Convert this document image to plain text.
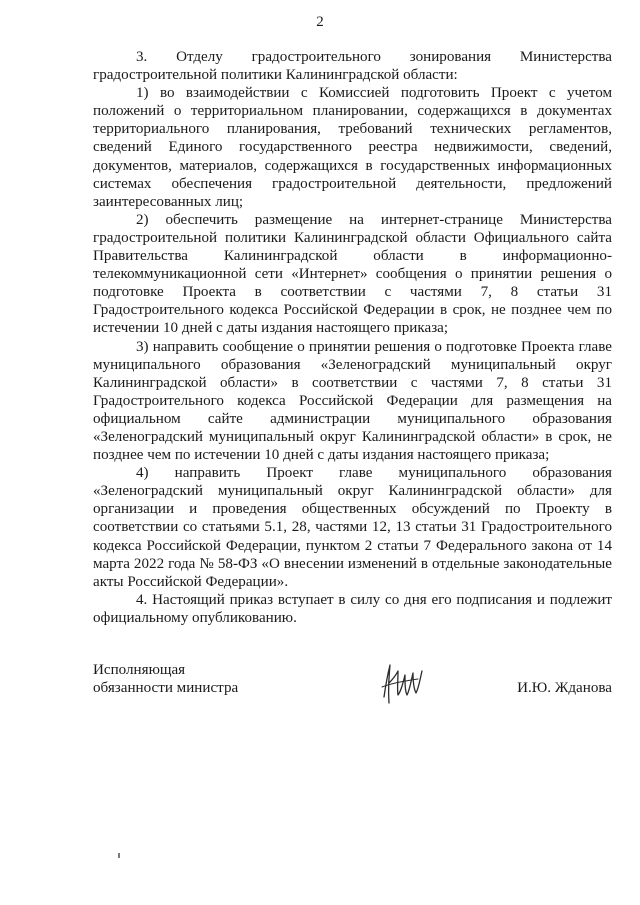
2

3. Отделу градостроительного зонирования Министерства градостроительной политики Калининградской области:

1) во взаимодействии с Комиссией подготовить Проект с учетом положений о территориальном планировании, содержащихся в документах территориального планирования, требований технических регламентов, сведений Единого государственного реестра недвижимости, сведений, документов, материалов, содержащихся в государственных информационных системах обеспечения градостроительной деятельности, предложений заинтересованных лиц;

2) обеспечить размещение на интернет-странице Министерства градостроительной политики Калининградской области Официального сайта Правительства Калининградской области в информационно-телекоммуникационной сети «Интернет» сообщения о принятии решения о подготовке Проекта в соответствии с частями 7, 8 статьи 31 Градостроительного кодекса Российской Федерации в срок, не позднее чем по истечении 10 дней с даты издания настоящего приказа;

3) направить сообщение о принятии решения о подготовке Проекта главе муниципального образования «Зеленоградский муниципальный округ Калининградской области» в соответствии с частями 7, 8 статьи 31 Градостроительного кодекса Российской Федерации для размещения на официальном сайте администрации муниципального образования «Зеленоградский муниципальный округ Калининградской области» в срок, не позднее чем по истечении 10 дней с даты издания настоящего приказа;

4) направить Проект главе муниципального образования «Зеленоградский муниципальный округ Калининградской области» для организации и проведения общественных обсуждений по Проекту в соответствии со статьями 5.1, 28, частями 12, 13 статьи 31 Градостроительного кодекса Российской Федерации, пунктом 2 статьи 7 Федерального закона от 14 марта 2022 года № 58-ФЗ «О внесении изменений в отдельные законодательные акты Российской Федерации».

4. Настоящий приказ вступает в силу со дня его подписания и подлежит официальному опубликованию.

Исполняющая
обязанности министра	И.Ю. Жданова
